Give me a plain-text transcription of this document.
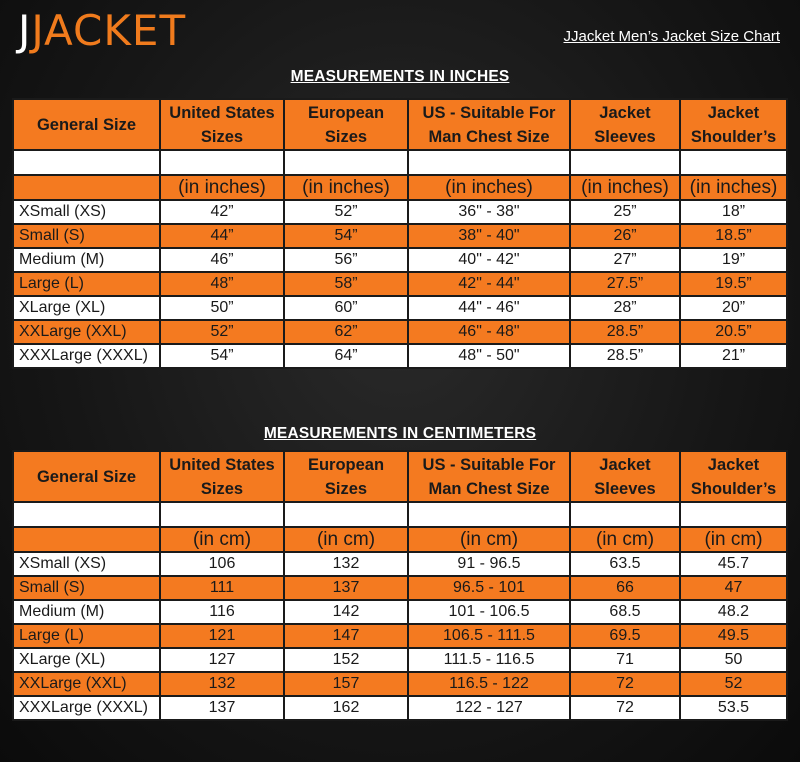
JJACKET	JJacket Men’s Jacket Size Chart
MEASUREMENTS IN INCHES
General Size	United States Sizes	European Sizes	US - Suitable For Man Chest Size	Jacket Sleeves	Jacket Shoulder’s

	(in inches)	(in inches)	(in inches)	(in inches)	(in inches)
XSmall (XS)	42”	52”	36" - 38"	25”	18”
Small (S)	44”	54”	38" - 40"	26”	18.5”
Medium (M)	46”	56”	40" - 42"	27”	19”
Large (L)	48”	58”	42" - 44"	27.5”	19.5”
XLarge (XL)	50”	60”	44" - 46"	28”	20”
XXLarge (XXL)	52”	62”	46" - 48"	28.5”	20.5”
XXXLarge (XXXL)	54”	64”	48" - 50"	28.5”	21”
MEASUREMENTS IN CENTIMETERS
General Size	United States Sizes	European Sizes	US - Suitable For Man Chest Size	Jacket Sleeves	Jacket Shoulder’s

	(in cm)	(in cm)	(in cm)	(in cm)	(in cm)
XSmall (XS)	106	132	91 - 96.5	63.5	45.7
Small (S)	111	137	96.5 - 101	66	47
Medium (M)	116	142	101 - 106.5	68.5	48.2
Large (L)	121	147	106.5 - 111.5	69.5	49.5
XLarge (XL)	127	152	111.5 - 116.5	71	50
XXLarge (XXL)	132	157	116.5 - 122	72	52
XXXLarge (XXXL)	137	162	122 - 127	72	53.5
